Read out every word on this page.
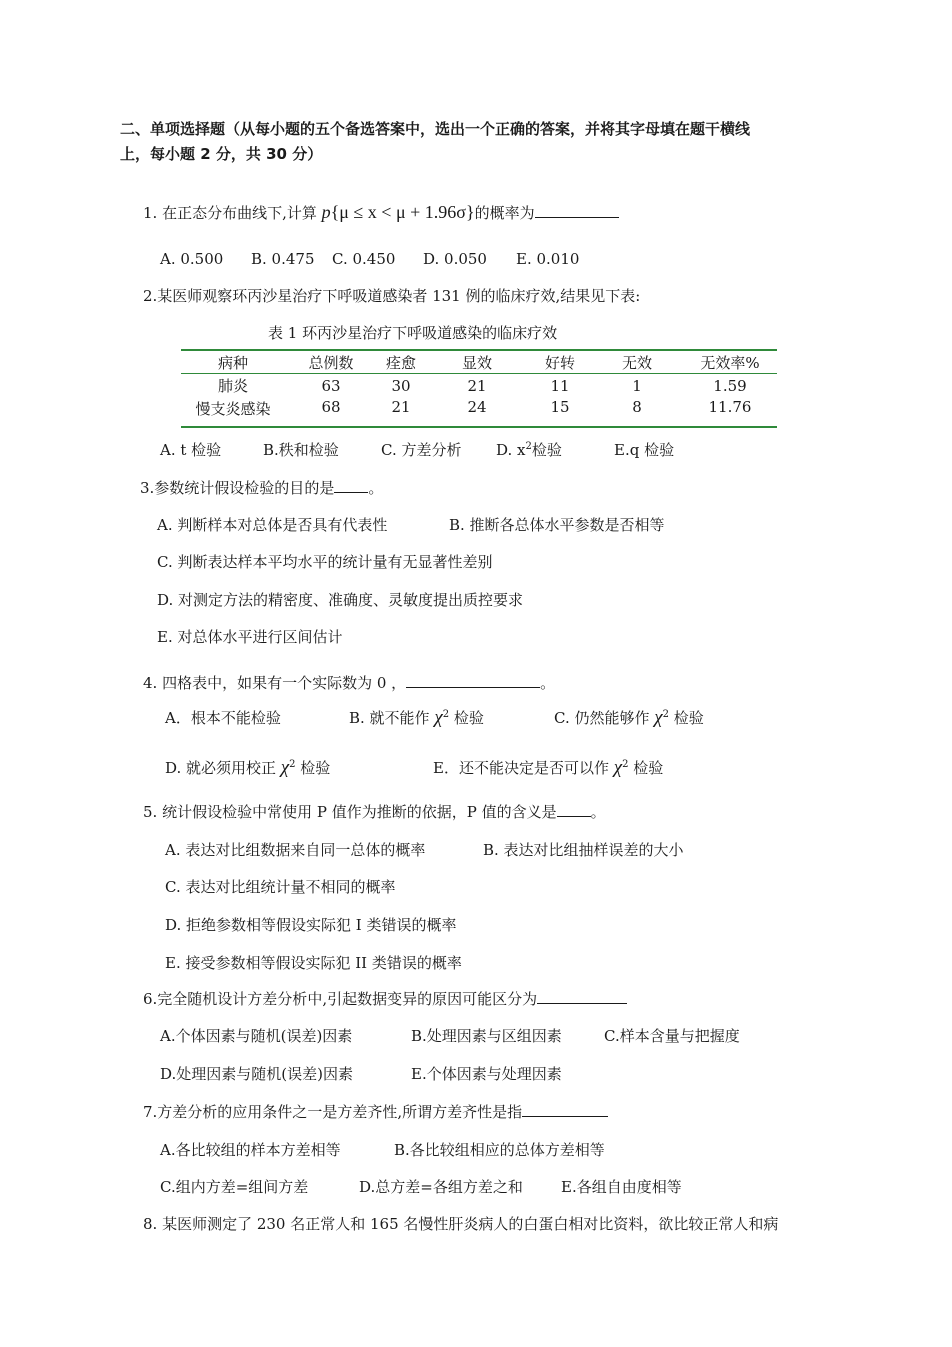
二、单项选择题（从每小题的五个备选答案中，选出一个正确的答案，并将其字母填在题干横线
上，每小题 2 分，共 30 分）
1. 在正态分布曲线下,计算 p{μ ≤ x < μ + 1.96σ}的概率为
A. 0.500 B. 0.475 C. 0.450 D. 0.050 E. 0.010
2.某医师观察环丙沙星治疗下呼吸道感染者 131 例的临床疗效,结果见下表:
表 1 环丙沙星治疗下呼吸道感染的临床疗效
病种	总例数	痊愈	显效	好转	无效	无效率%
肺炎	63	30	21	11	1	1.59
慢支炎感染	68	21	24	15	8	11.76
A. t 检验	B.秩和检验	C. 方差分析 D. $x^2$检验	E.q 检验
3.参数统计假设检验的目的是 。
A. 判断样本对总体是否具有代表性	B. 推断各总体水平参数是否相等
C. 判断表达样本平均水平的统计量有无显著性差别
D. 对测定方法的精密度、准确度、灵敏度提出质控要求
E. 对总体水平进行区间估计
4. 四格表中，如果有一个实际数为 0 ，	。
A．根本不能检验	B. 就不能作 $\chi^2$ 检验	C. 仍然能够作 $\chi^2$ 检验
D. 就必须用校正 $\chi^2$ 检验	E．还不能决定是否可以作 $\chi^2$ 检验
5. 统计假设检验中常使用 P 值作为推断的依据，P 值的含义是 。
A. 表达对比组数据来自同一总体的概率	B. 表达对比组抽样误差的大小
C. 表达对比组统计量不相同的概率
D. 拒绝参数相等假设实际犯 I 类错误的概率
E. 接受参数相等假设实际犯 II 类错误的概率
6.完全随机设计方差分析中,引起数据变异的原因可能区分为
A.个体因素与随机(误差)因素	B.处理因素与区组因素	C.样本含量与把握度
D.处理因素与随机(误差)因素	E.个体因素与处理因素
7.方差分析的应用条件之一是方差齐性,所谓方差齐性是指
A.各比较组的样本方差相等	B.各比较组相应的总体方差相等
C.组内方差=组间方差	D.总方差=各组方差之和	E.各组自由度相等
8. 某医师测定了 230 名正常人和 165 名慢性肝炎病人的白蛋白相对比资料，欲比较正常人和病
